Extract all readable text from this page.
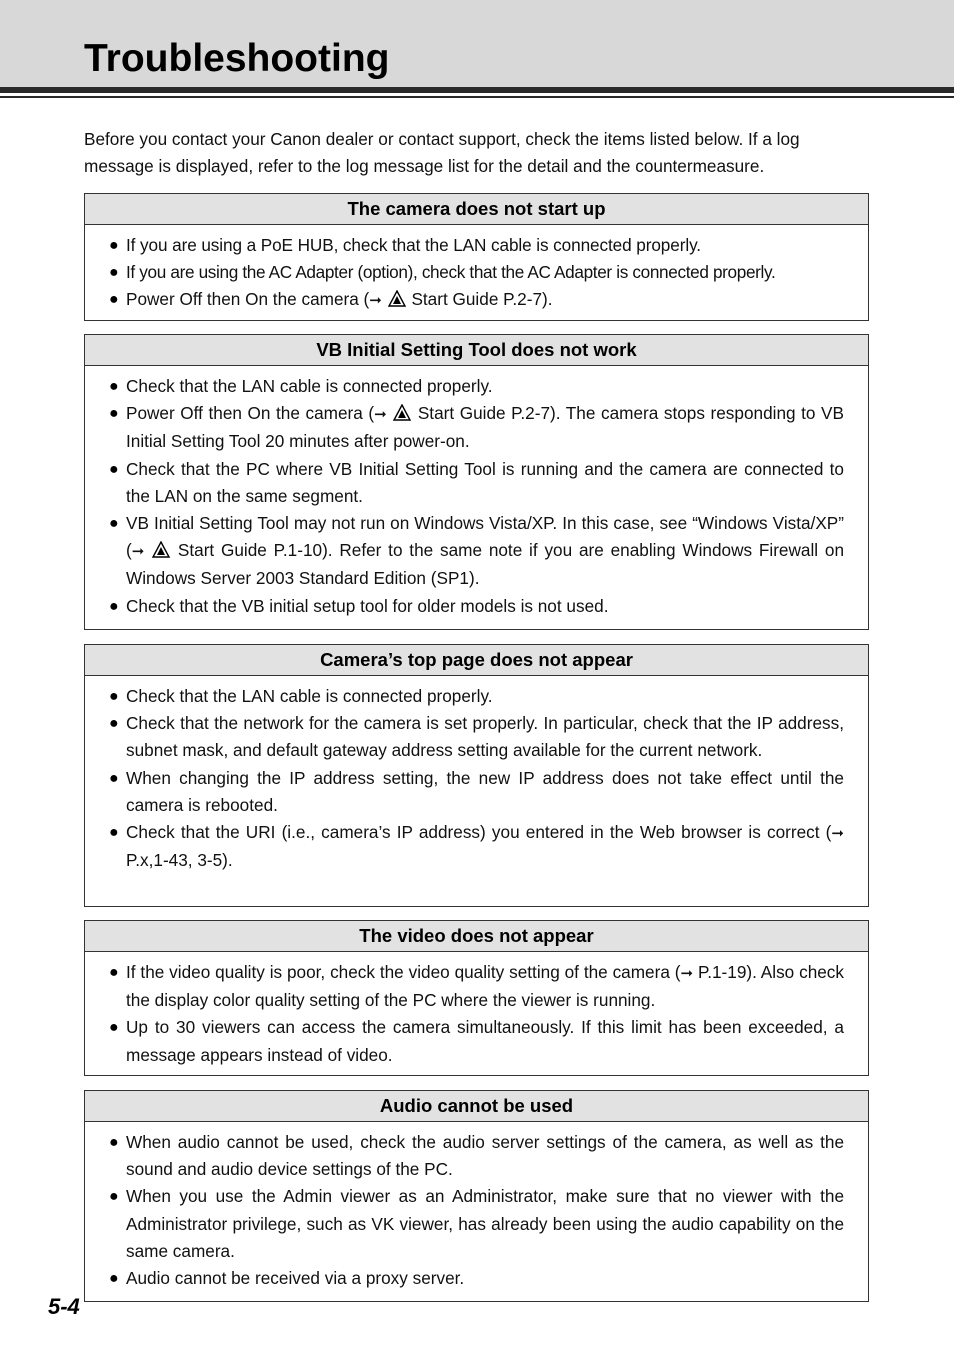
Troubleshooting

Before you contact your Canon dealer or contact support, check the items listed below. If a log message is displayed, refer to the log message list for the detail and the countermeasure.

The camera does not start up
● If you are using a PoE HUB, check that the LAN cable is connected properly.
● If you are using the AC Adapter (option), check that the AC Adapter is connected properly.
● Power Off then On the camera (➞ Start Guide P.2-7).
VB Initial Setting Tool does not work
● Check that the LAN cable is connected properly.
● Power Off then On the camera (➞ Start Guide P.2-7). The camera stops responding to VB Initial Setting Tool 20 minutes after power-on.
● Check that the PC where VB Initial Setting Tool is running and the camera are connected to the LAN on the same segment.
● VB Initial Setting Tool may not run on Windows Vista/XP. In this case, see “Windows Vista/XP” (➞ Start Guide P.1-10). Refer to the same note if you are enabling Windows Firewall on Windows Server 2003 Standard Edition (SP1).
● Check that the VB initial setup tool for older models is not used.
Camera’s top page does not appear
● Check that the LAN cable is connected properly.
● Check that the network for the camera is set properly. In particular, check that the IP address, subnet mask, and default gateway address setting available for the current network.
● When changing the IP address setting, the new IP address does not take effect until the camera is rebooted.
● Check that the URI (i.e., camera’s IP address) you entered in the Web browser is correct (➞ P.x,1-43, 3-5).
The video does not appear
● If the video quality is poor, check the video quality setting of the camera (➞ P.1-19). Also check the display color quality setting of the PC where the viewer is running.
● Up to 30 viewers can access the camera simultaneously. If this limit has been exceeded, a message appears instead of video.
Audio cannot be used
● When audio cannot be used, check the audio server settings of the camera, as well as the sound and audio device settings of the PC.
● When you use the Admin viewer as an Administrator, make sure that no viewer with the Administrator privilege, such as VK viewer, has already been using the audio capability on the same camera.
● Audio cannot be received via a proxy server.
5-4
